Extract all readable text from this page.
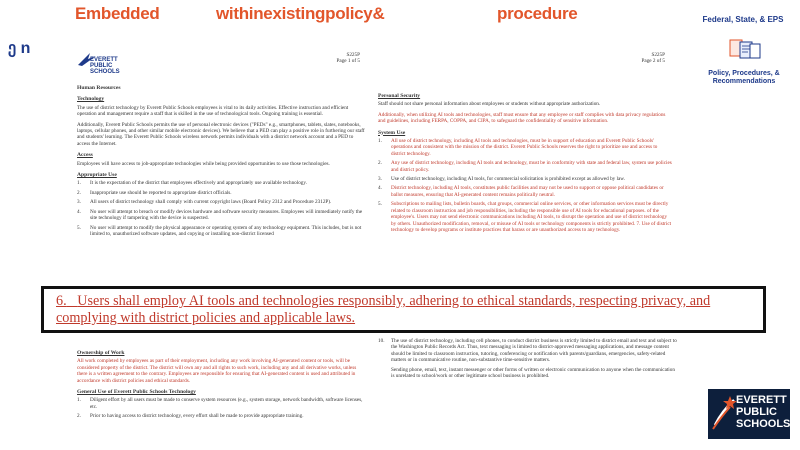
Embedded	withinexistingpolicy&	procedure
ე n
Federal, State, & EPS
Policy, Procedures, & Recommendations
EVERETT
PUBLIC
SCHOOLS
S225P
Page 1 of 5
Human Resources
Technology

The use of district technology by Everett Public Schools employees is vital to its daily activities. Effective instruction and efficient operation and management require a staff that is skilled in the use of technological tools. Ongoing training is essential.

Additionally, Everett Public Schools permits the use of personal electronic devices ("PEDs" e.g., smartphones, tablets, slates, notebooks, laptops, cellular phones, and other similar mobile electronic devices). We believe that a PED can play a positive role in furthering our staff and students' learning. The Everett Public Schools wireless network permits individuals with a district network account and a PED to access the Internet.

Access

Employees will have access to job-appropriate technologies while being provided opportunities to use those technologies.

Appropriate Use
1.	It is the expectation of the district that employees effectively and appropriately use available technology.
2.	Inappropriate use should be reported to appropriate district officials.
3.	All users of district technology shall comply with current copyright laws (Board Policy 2312 and Procedure 2312P).
4.	No user will attempt to breach or modify devices hardware and software security measures. Employees will immediately notify the site technology if tampering with the device is suspected.
5.	No user will attempt to modify the physical appearance or operating system of any technology equipment. This includes, but is not limited to, unauthorized software updates, and copying or installing non-district licensed
Ownership of Work

All work completed by employees as part of their employment, including any work involving AI-generated content or tools, will be considered property of the district. The district will own any and all rights to such work, including any and all derivative works, unless there is a written agreement to the contrary. Employees are responsible for ensuring that AI-generated content is used and attributed in accordance with district policies and ethical standards.

General Use of Everett Public Schools Technology
1.	Diligent effort by all users must be made to conserve system resources (e.g., system storage, network bandwidth, software licenses, etc.
2.	Prior to having access to district technology, every effort shall be made to provide appropriate training.
S225P
Page 2 of 5
Personal Security

Staff should not share personal information about employees or students without appropriate authorization.

Additionally, when utilizing AI tools and technologies, staff must ensure that any employee or staff complies with data privacy regulations and guidelines, including FERPA, COPPA, and CIPA, to safeguard the confidentiality of sensitive information.

System Use
1.	All use of district technology, including AI tools and technologies, must be in support of education and Everett Public Schools' operations and consistent with the mission of the district. Everett Public Schools reserves the right to prioritize use and access to district technology.
2.	Any use of district technology, including AI tools and technology, must be in conformity with state and federal law, system use policies and district policy.
3.	Use of district technology, including AI tools, for commercial solicitation is prohibited except as allowed by law.
4.	District technology, including AI tools, constitutes public facilities and may not be used to support or oppose political candidates or ballot measures, ensuring that AI-generated content remains politically neutral.
5.	Subscriptions to mailing lists, bulletin boards, chat groups, commercial online services, or other information services must be directly related to classroom instruction and job responsibilities, including the responsible use of AI tools for educational purposes. of the employee's. Users may not send electronic communications including AI tools, to disrupt the operation and use of district technology by others. Unauthorized modification, removal, or misuse of AI tools or technology components is strictly prohibited. 7. Use of district technology to develop programs or institute practices that harass or are unauthorized access to any technology.
10.	The use of district technology, including cell phones, to conduct district business is strictly limited to district email and text and subject to the Washington Public Records Act. Thus, text messaging is limited to district-approved messaging applications, and message content should be limited to classroom instruction, tutoring, conferencing or notification with parents/guardians, emergencies, safety-related matters or in communicative routine, non-substantive time-sensitive matters.

Sending phone, email, text, instant messenger or other forms of written or electronic communication to anyone when the communication is unrelated to school/work or other legitimate school business is prohibited.

6. Users shall employ AI tools and technologies responsibly, adhering to ethical standards, respecting privacy, and complying with district policies and applicable laws.
EVERETT
PUBLIC
SCHOOLS
